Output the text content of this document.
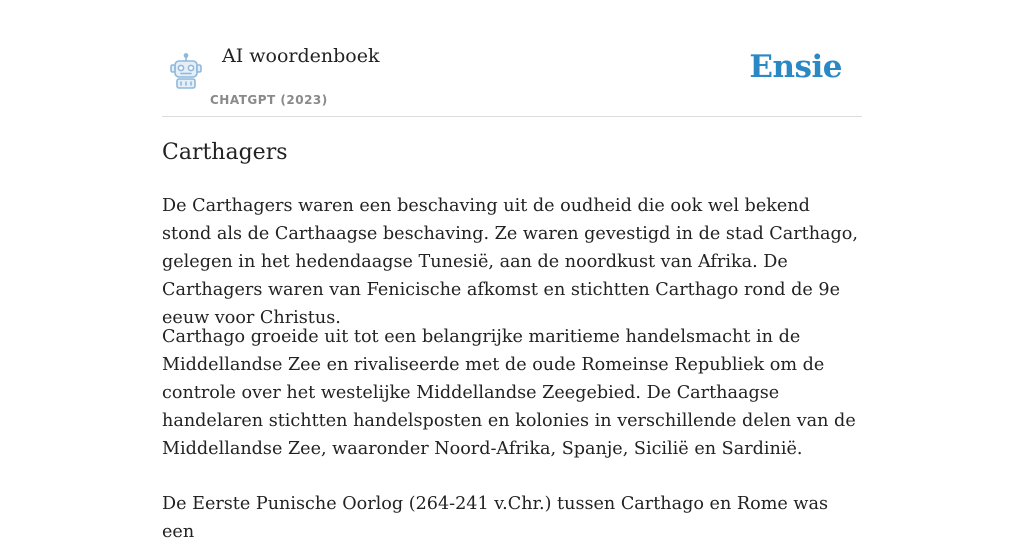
AI woordenboek
CHATGPT (2023)
Ensie
Carthagers

De Carthagers waren een beschaving uit de oudheid die ook wel bekend stond als de Carthaagse beschaving. Ze waren gevestigd in de stad Carthago, gelegen in het hedendaagse Tunesië, aan de noordkust van Afrika. De Carthagers waren van Fenicische afkomst en stichtten Carthago rond de 9e eeuw voor Christus.

Carthago groeide uit tot een belangrijke maritieme handelsmacht in de Middellandse Zee en rivaliseerde met de oude Romeinse Republiek om de controle over het westelijke Middellandse Zeegebied. De Carthaagse handelaren stichtten handelsposten en kolonies in verschillende delen van de Middellandse Zee, waaronder Noord-Afrika, Spanje, Sicilië en Sardinië.

De Eerste Punische Oorlog (264-241 v.Chr.) tussen Carthago en Rome was een
